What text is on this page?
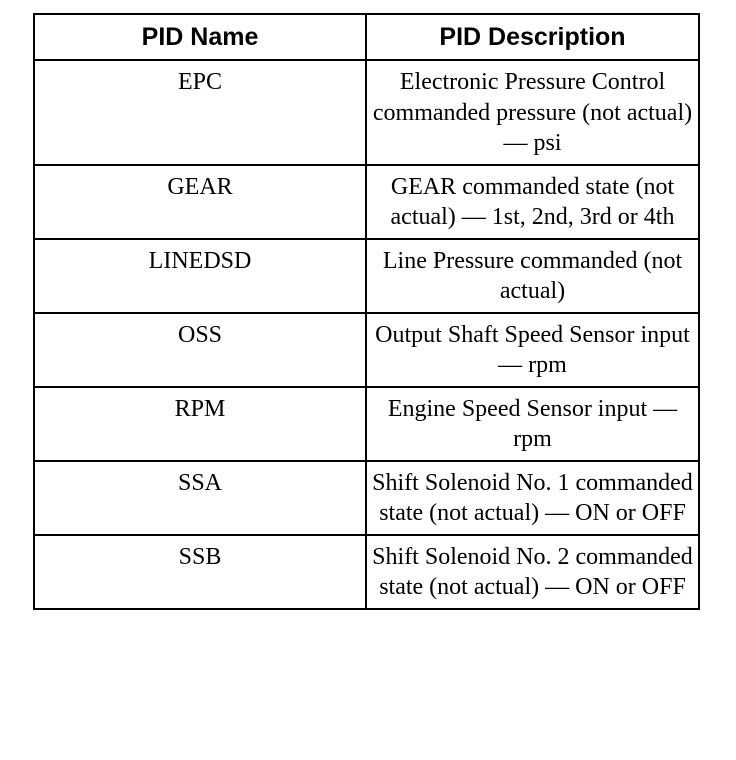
PID Name	PID Description
EPC	Electronic Pressure Control commanded pressure (not actual) — psi
GEAR	GEAR commanded state (not actual) — 1st, 2nd, 3rd or 4th
LINEDSD	Line Pressure commanded (not actual)
OSS	Output Shaft Speed Sensor input — rpm
RPM	Engine Speed Sensor input — rpm
SSA	Shift Solenoid No. 1 commanded state (not actual) — ON or OFF
SSB	Shift Solenoid No. 2 commanded state (not actual) — ON or OFF
